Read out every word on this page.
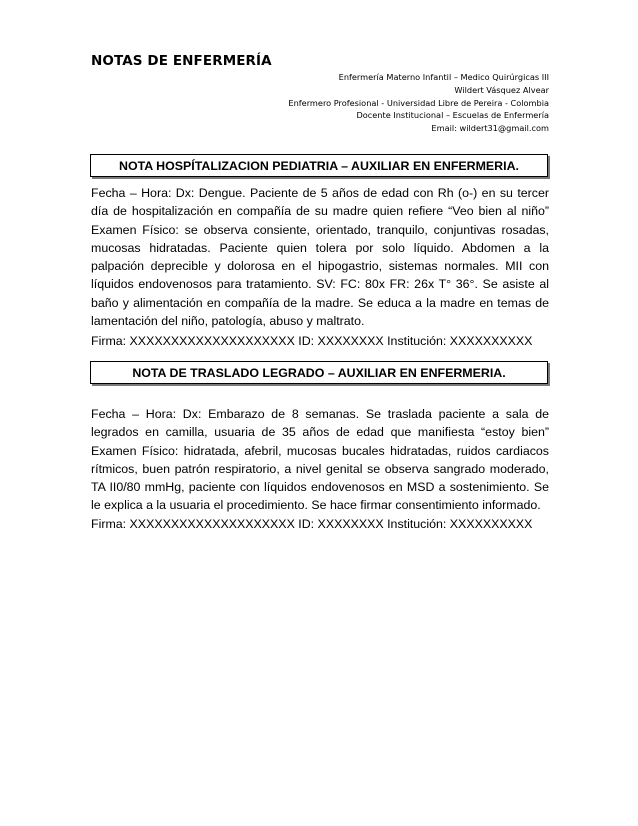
NOTAS DE ENFERMERÍA
Enfermería Materno Infantil – Medico Quirúrgicas III
Wildert Vásquez Alvear
Enfermero Profesional - Universidad Libre de Pereira - Colombia
Docente Institucional – Escuelas de Enfermería
Email: wildert31@gmail.com
NOTA HOSPÍTALIZACION PEDIATRIA – AUXILIAR EN ENFERMERIA.
Fecha – Hora: Dx: Dengue. Paciente de 5 años de edad con Rh (o-) en su tercer
día de hospitalización en compañía de su madre quien refiere “Veo bien al niño”
Examen Físico: se observa consiente, orientado, tranquilo, conjuntivas rosadas,
mucosas hidratadas. Paciente quien tolera por solo líquido. Abdomen a la
palpación deprecible y dolorosa en el hipogastrio, sistemas normales. MII con
líquidos endovenosos para tratamiento. SV: FC: 80x FR: 26x T° 36°. Se asiste al
baño y alimentación en compañía de la madre. Se educa a la madre en temas de
lamentación del niño, patología, abuso y maltrato.
Firma: XXXXXXXXXXXXXXXXXXXX ID: XXXXXXXX Institución: XXXXXXXXXX
NOTA DE TRASLADO LEGRADO – AUXILIAR EN ENFERMERIA.
Fecha – Hora: Dx: Embarazo de 8 semanas. Se traslada paciente a sala de
legrados en camilla, usuaria de 35 años de edad que manifiesta “estoy bien”
Examen Físico: hidratada, afebril, mucosas bucales hidratadas, ruidos cardiacos
rítmicos, buen patrón respiratorio, a nivel genital se observa sangrado moderado,
TA II0/80 mmHg, paciente con líquidos endovenosos en MSD a sostenimiento. Se
le explica a la usuaria el procedimiento. Se hace firmar consentimiento informado.
Firma: XXXXXXXXXXXXXXXXXXXX ID: XXXXXXXX Institución: XXXXXXXXXX
